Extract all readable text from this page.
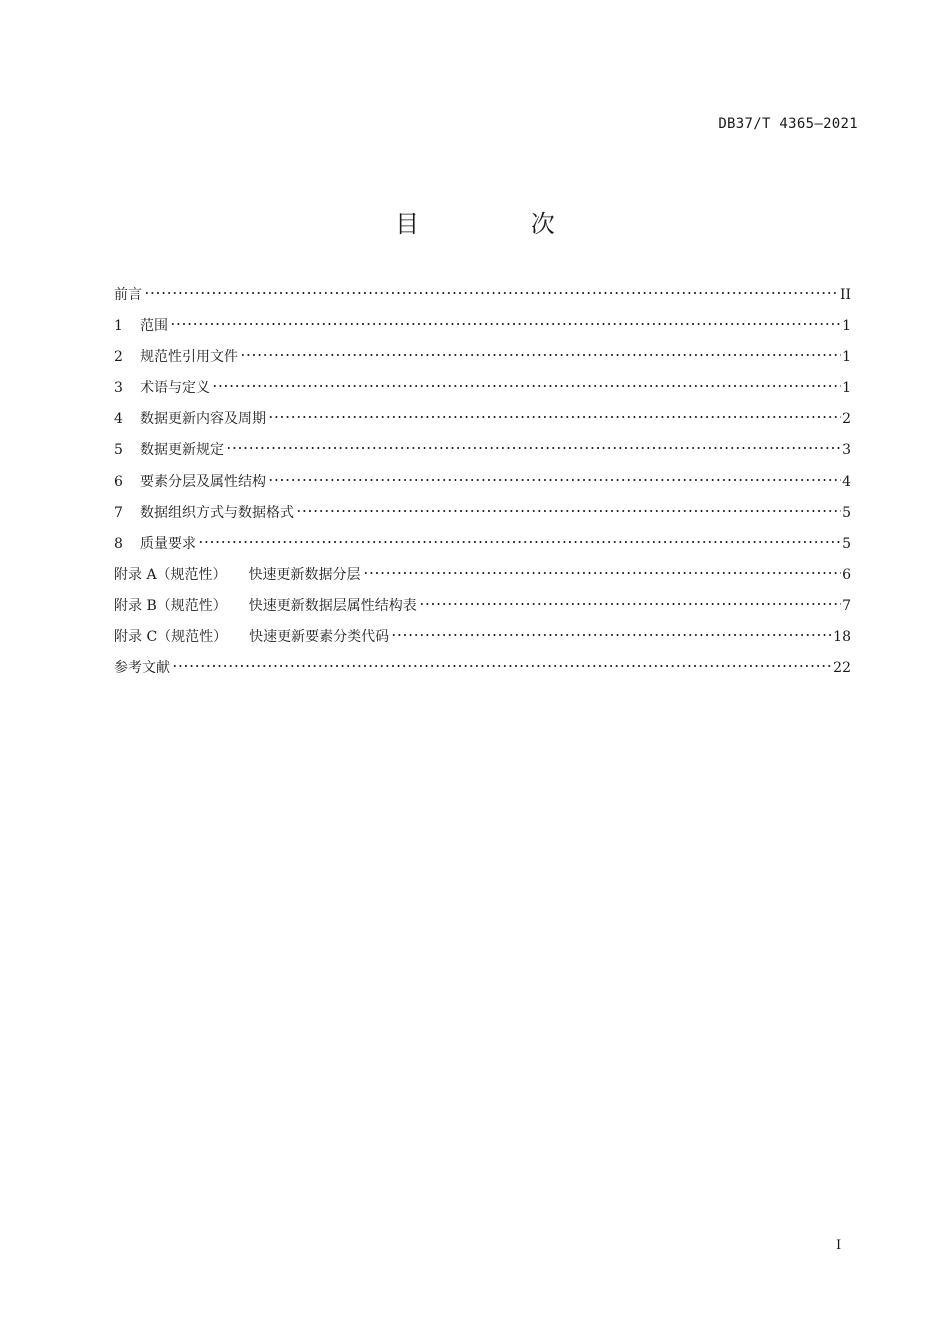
DB37/T 4365—2021
目 次
前言	II
1	范围	1
2	规范性引用文件	1
3	术语与定义	1
4	数据更新内容及周期	2
5	数据更新规定	3
6	要素分层及属性结构	4
7	数据组织方式与数据格式	5
8	质量要求	5
附录 A（规范性） 快速更新数据分层	6
附录 B（规范性） 快速更新数据层属性结构表	7
附录 C（规范性） 快速更新要素分类代码	18
参考文献	22
I
